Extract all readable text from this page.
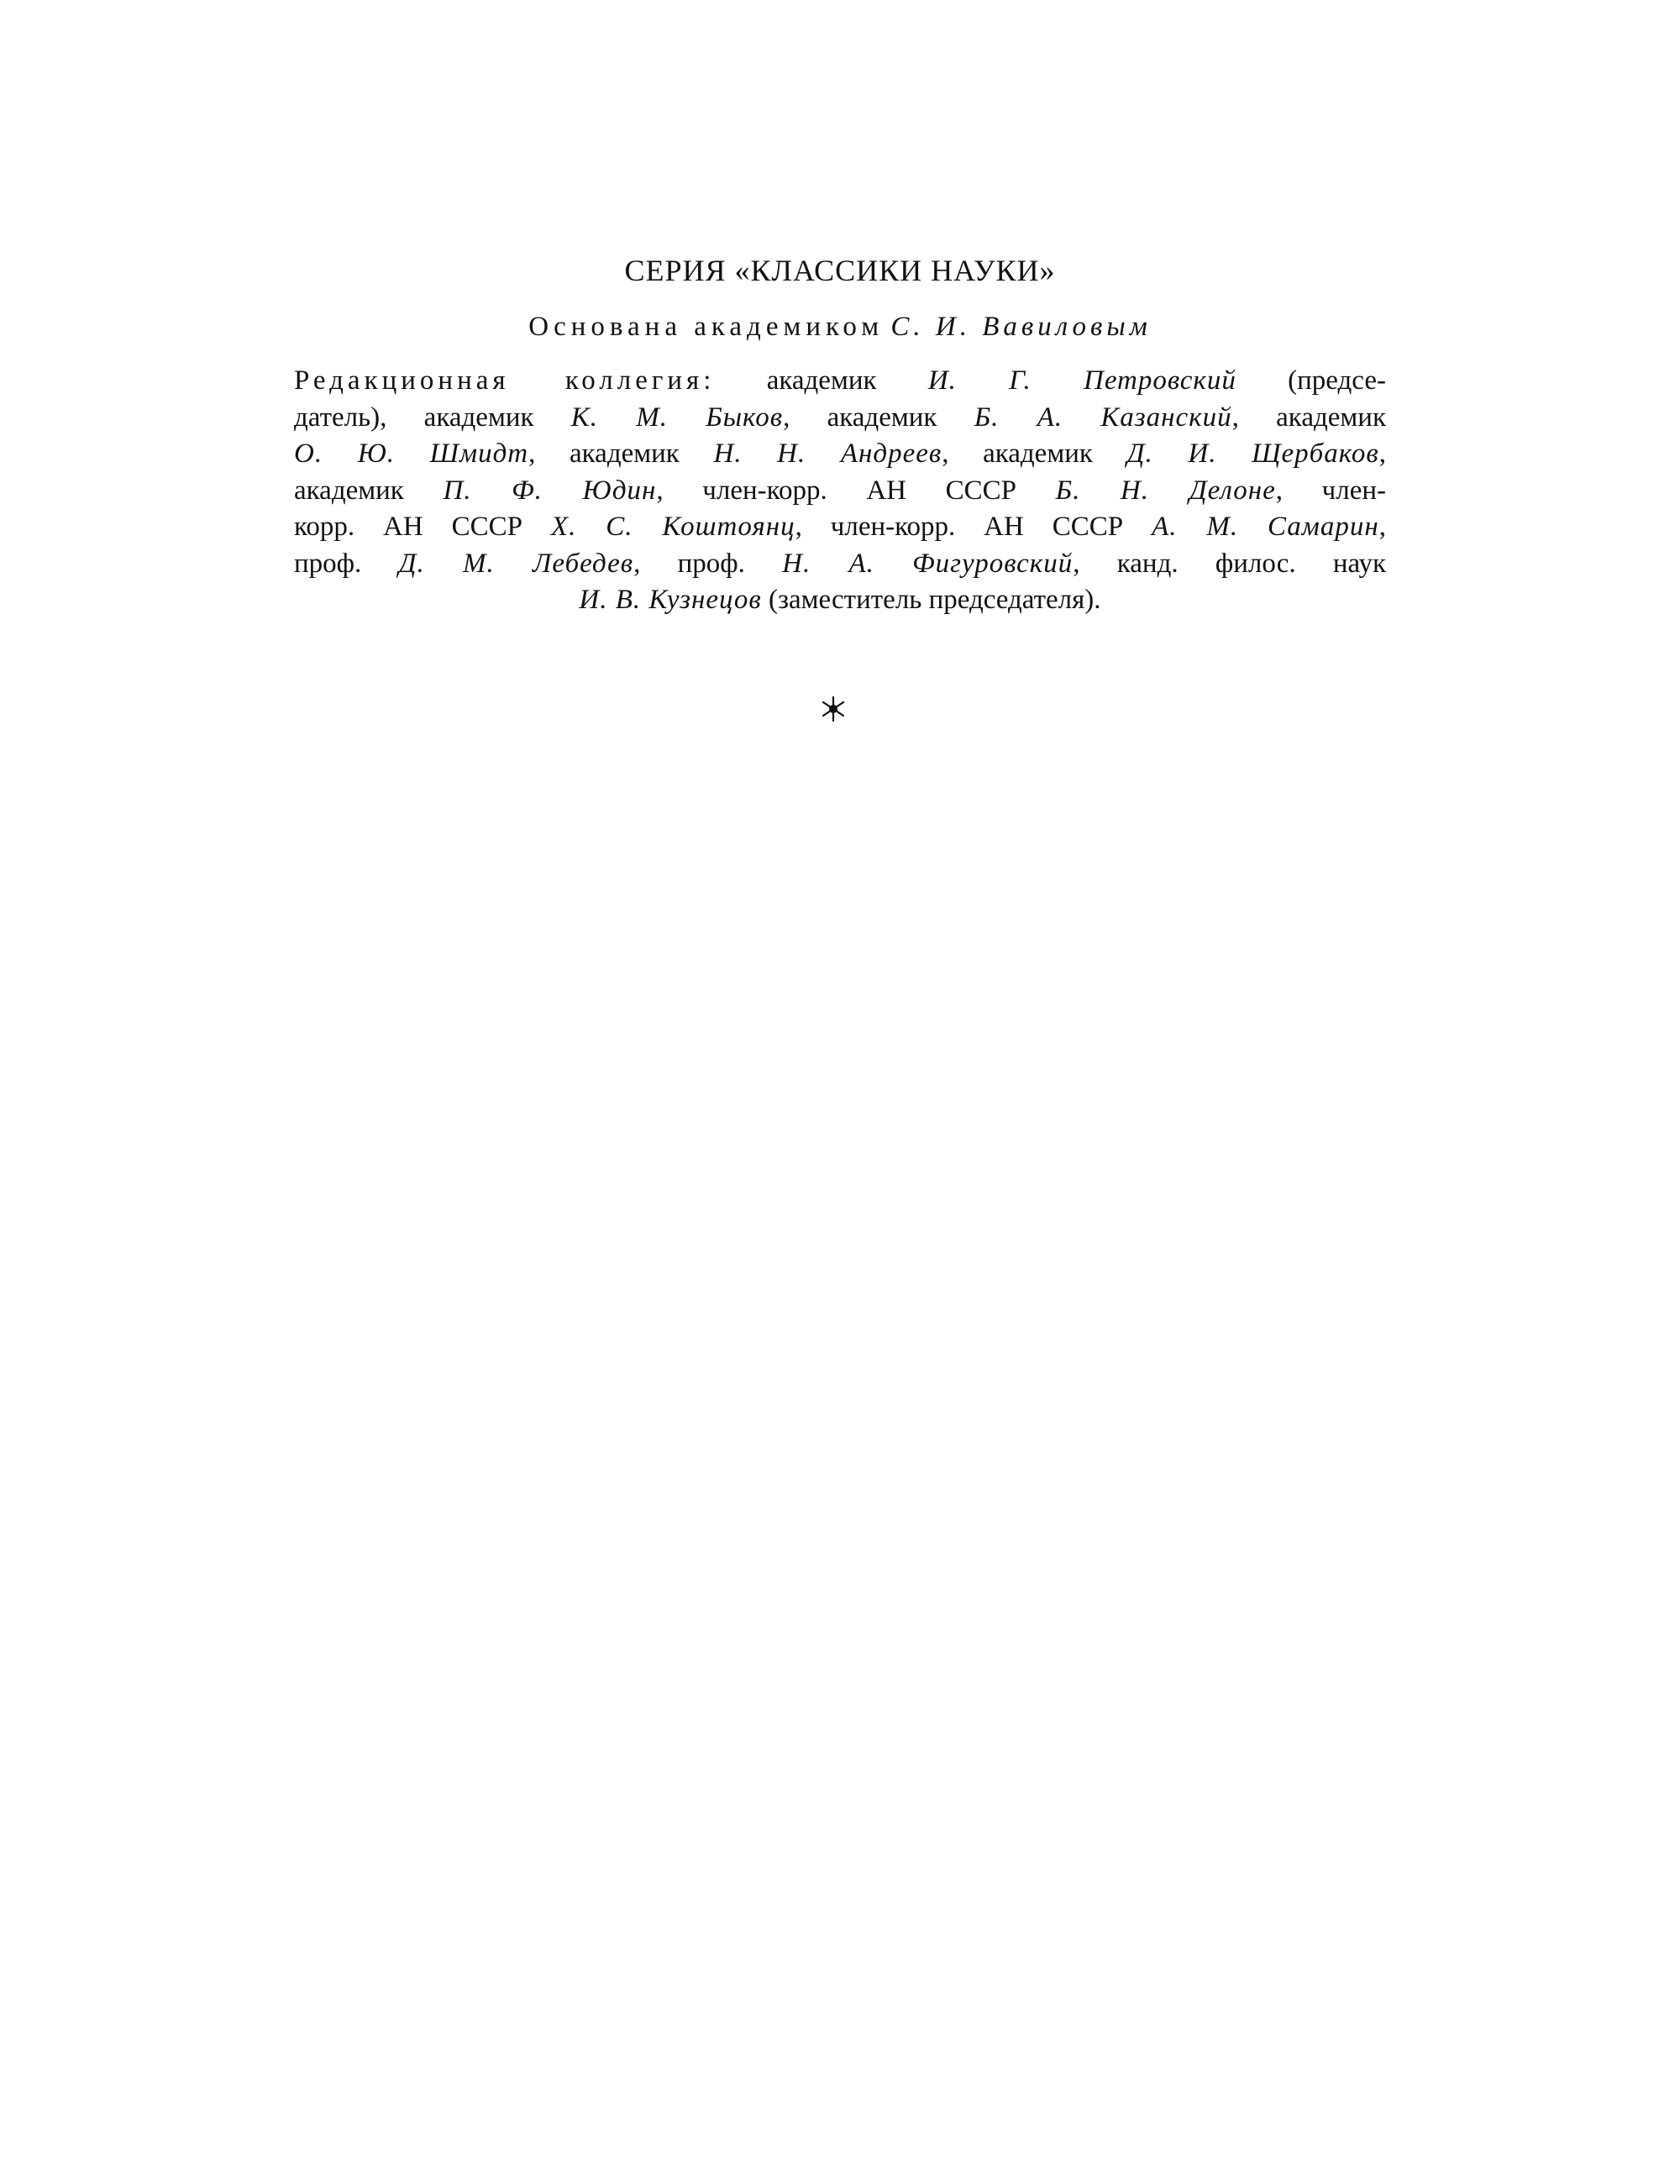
СЕРИЯ «КЛАССИКИ НАУКИ»
Основана академиком С. И. Вавиловым
Редакционная коллегия: академик И. Г. Петровский (предсе-
датель), академик К. М. Быков, академик Б. А. Казанский, академик
О. Ю. Шмидт, академик Н. Н. Андреев, академик Д. И. Щербаков,
академик П. Ф. Юдин, член-корр. АН СССР Б. Н. Делоне, член-
корр. АН СССР Х. С. Коштоянц, член-корр. АН СССР А. М. Самарин,
проф. Д. М. Лебедев, проф. Н. А. Фигуровский, канд. филос. наук
И. В. Кузнецов (заместитель председателя).
